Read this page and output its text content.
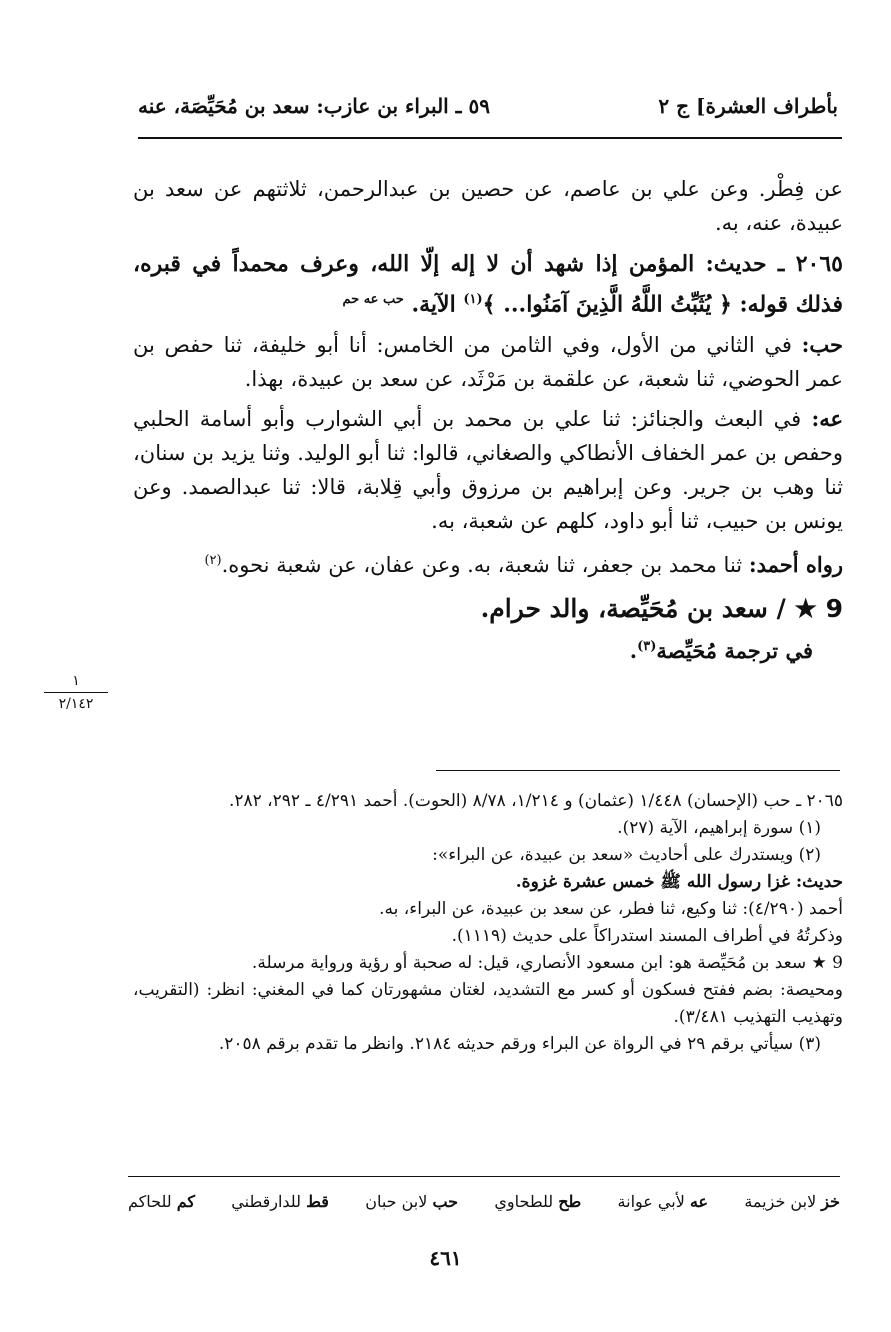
بأطراف العشرة] ج ٢
٥٩ ـ البراء بن عازب: سعد بن مُحَيِّصَة، عنه

عن فِطْر. وعن علي بن عاصم، عن حصين بن عبدالرحمن، ثلاثتهم عن سعد بن عبيدة، عنه، به.

٢٠٦٥ ـ حديث: المؤمن إذا شهد أن لا إله إلّا الله، وعرف محمداً في قبره، فذلك قوله: ﴿ يُثَبِّتُ اللَّهُ الَّذِينَ آمَنُوا... ﴾$^{(١)}$ الآية. $^{حب عه حم}$

حب: في الثاني من الأول، وفي الثامن من الخامس: أنا أبو خليفة، ثنا حفص بن عمر الحوضي، ثنا شعبة، عن علقمة بن مَرْثَد، عن سعد بن عبيدة، بهذا.

عه: في البعث والجنائز: ثنا علي بن محمد بن أبي الشوارب وأبو أسامة الحلبي وحفص بن عمر الخفاف الأنطاكي والصغاني، قالوا: ثنا أبو الوليد. وثنا يزيد بن سنان، ثنا وهب بن جرير. وعن إبراهيم بن مرزوق وأبي قِلابة، قالا: ثنا عبدالصمد. وعن يونس بن حبيب، ثنا أبو داود، كلهم عن شعبة، به.

رواه أحمد: ثنا محمد بن جعفر، ثنا شعبة، به. وعن عفان، عن شعبة نحوه.$^{(٢)}$

9 ★ / سعد بن مُحَيِّصة، والد حرام.
في ترجمة مُحَيِّصة$^{(٣)}$.
١
٢/١٤٢

٢٠٦٥ ـ حب (الإحسان) ١/٤٤٨ (عثمان) و ١/٢١٤، ٨/٧٨ (الحوت). أحمد ٤/٢٩١ ـ ٢٩٢، ٢٨٢.

(١) سورة إبراهيم، الآية (٢٧).

(٢) ويستدرك على أحاديث «سعد بن عبيدة، عن البراء»:

حديث: غزا رسول الله ﷺ خمس عشرة غزوة.

أحمد (٤/٢٩٠): ثنا وكيع، ثنا فطر، عن سعد بن عبيدة، عن البراء، به.

وذكرتُهُ في أطراف المسند استدراكاً على حديث (١١١٩).

9 ★ سعد بن مُحَيِّصة هو: ابن مسعود الأنصاري، قيل: له صحبة أو رؤية ورواية مرسلة.

ومحيصة: بضم ففتح فسكون أو كسر مع التشديد، لغتان مشهورتان كما في المغني: انظر: (التقريب، وتهذيب التهذيب ٣/٤٨١).

(٣) سيأتي برقم ٢٩ في الرواة عن البراء ورقم حديثه ٢١٨٤. وانظر ما تقدم برقم ٢٠٥٨.

خز لابن خزيمة
عه لأبي عوانة
طح للطحاوي
حب لابن حبان
قط للدارقطني
كم للحاكم
٤٦١
